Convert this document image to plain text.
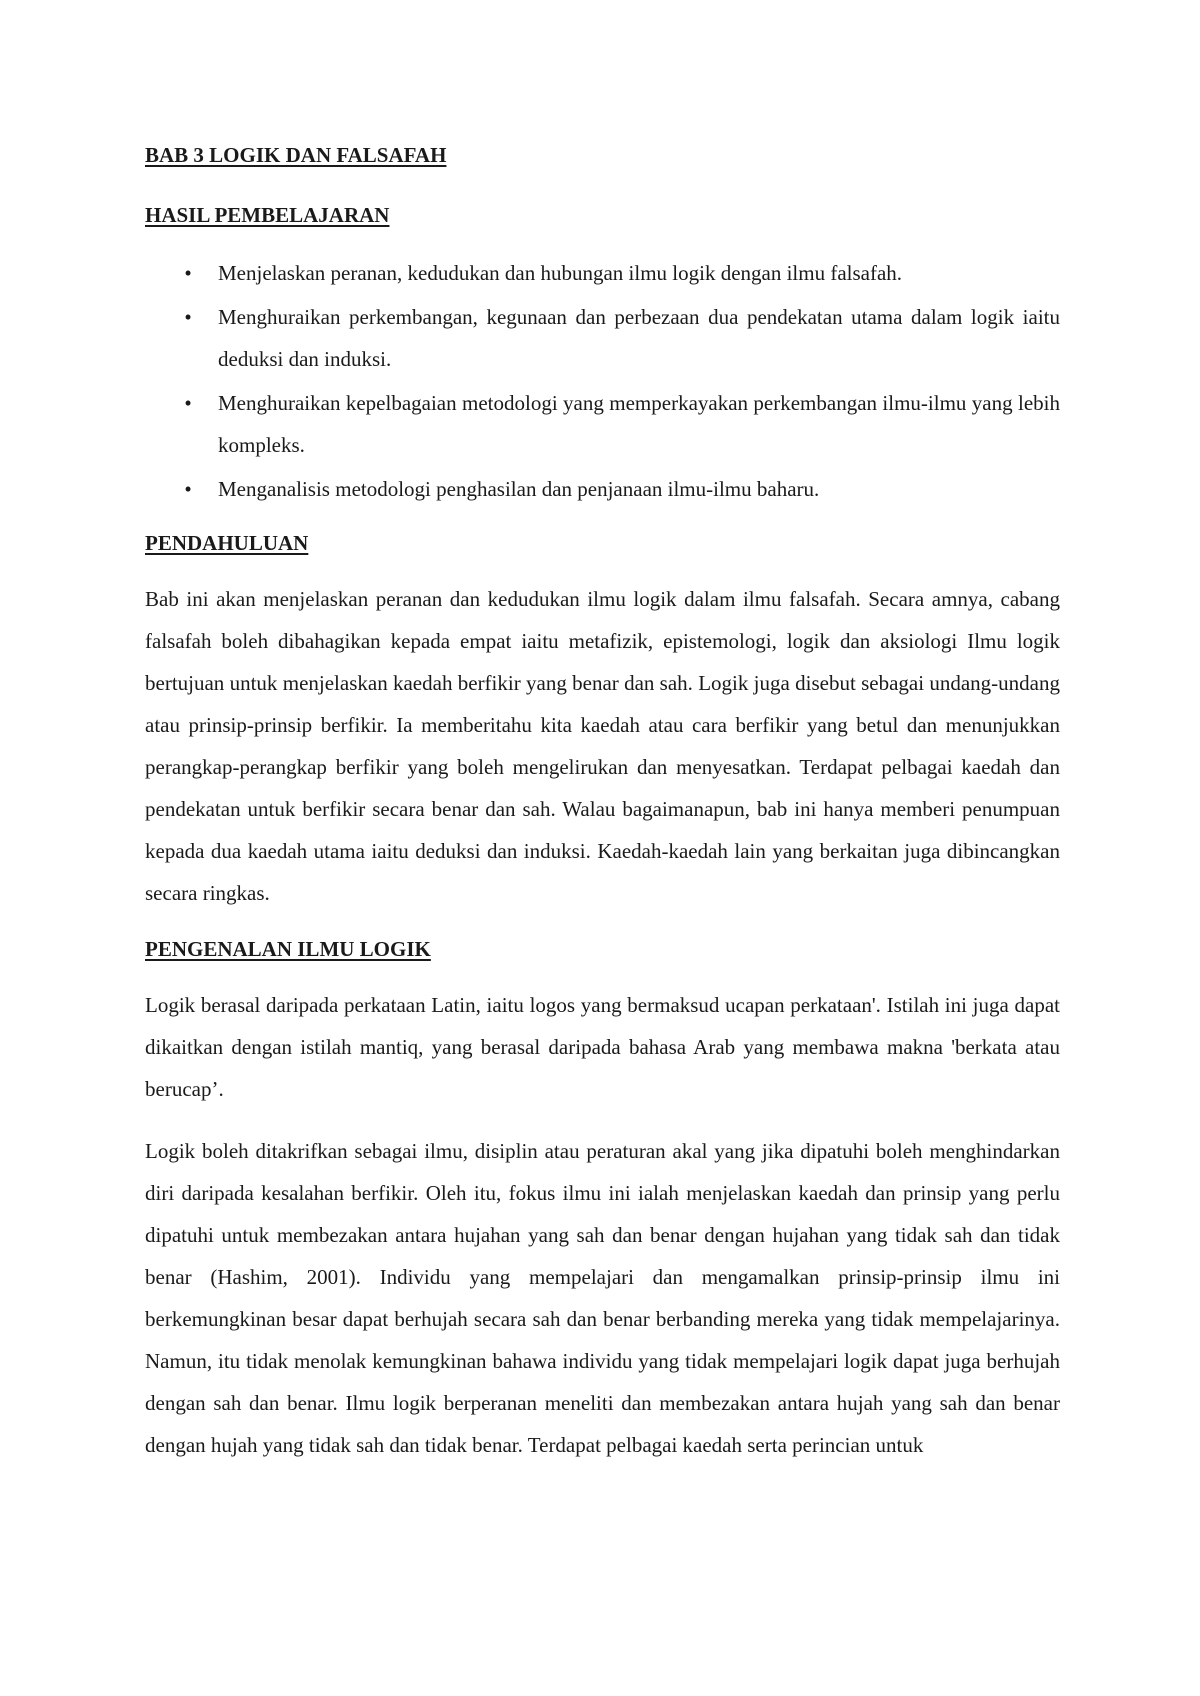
BAB 3 LOGIK DAN FALSAFAH
HASIL PEMBELAJARAN
• Menjelaskan peranan, kedudukan dan hubungan ilmu logik dengan ilmu falsafah.
• Menghuraikan perkembangan, kegunaan dan perbezaan dua pendekatan utama dalam logik iaitu deduksi dan induksi.
• Menghuraikan kepelbagaian metodologi yang memperkayakan perkembangan ilmu-ilmu yang lebih kompleks.
• Menganalisis metodologi penghasilan dan penjanaan ilmu-ilmu baharu.
PENDAHULUAN

Bab ini akan menjelaskan peranan dan kedudukan ilmu logik dalam ilmu falsafah. Secara amnya, cabang falsafah boleh dibahagikan kepada empat iaitu metafizik, epistemologi, logik dan aksiologi Ilmu logik bertujuan untuk menjelaskan kaedah berfikir yang benar dan sah. Logik juga disebut sebagai undang-undang atau prinsip-prinsip berfikir. Ia memberitahu kita kaedah atau cara berfikir yang betul dan menunjukkan perangkap-perangkap berfikir yang boleh mengelirukan dan menyesatkan. Terdapat pelbagai kaedah dan pendekatan untuk berfikir secara benar dan sah. Walau bagaimanapun, bab ini hanya memberi penumpuan kepada dua kaedah utama iaitu deduksi dan induksi. Kaedah-kaedah lain yang berkaitan juga dibincangkan secara ringkas.

PENGENALAN ILMU LOGIK

Logik berasal daripada perkataan Latin, iaitu logos yang bermaksud ucapan perkataan'. Istilah ini juga dapat dikaitkan dengan istilah mantiq, yang berasal daripada bahasa Arab yang membawa makna 'berkata atau berucap’.

Logik boleh ditakrifkan sebagai ilmu, disiplin atau peraturan akal yang jika dipatuhi boleh menghindarkan diri daripada kesalahan berfikir. Oleh itu, fokus ilmu ini ialah menjelaskan kaedah dan prinsip yang perlu dipatuhi untuk membezakan antara hujahan yang sah dan benar dengan hujahan yang tidak sah dan tidak benar (Hashim, 2001). Individu yang mempelajari dan mengamalkan prinsip-prinsip ilmu ini berkemungkinan besar dapat berhujah secara sah dan benar berbanding mereka yang tidak mempelajarinya. Namun, itu tidak menolak kemungkinan bahawa individu yang tidak mempelajari logik dapat juga berhujah dengan sah dan benar. Ilmu logik berperanan meneliti dan membezakan antara hujah yang sah dan benar dengan hujah yang tidak sah dan tidak benar. Terdapat pelbagai kaedah serta perincian untuk
